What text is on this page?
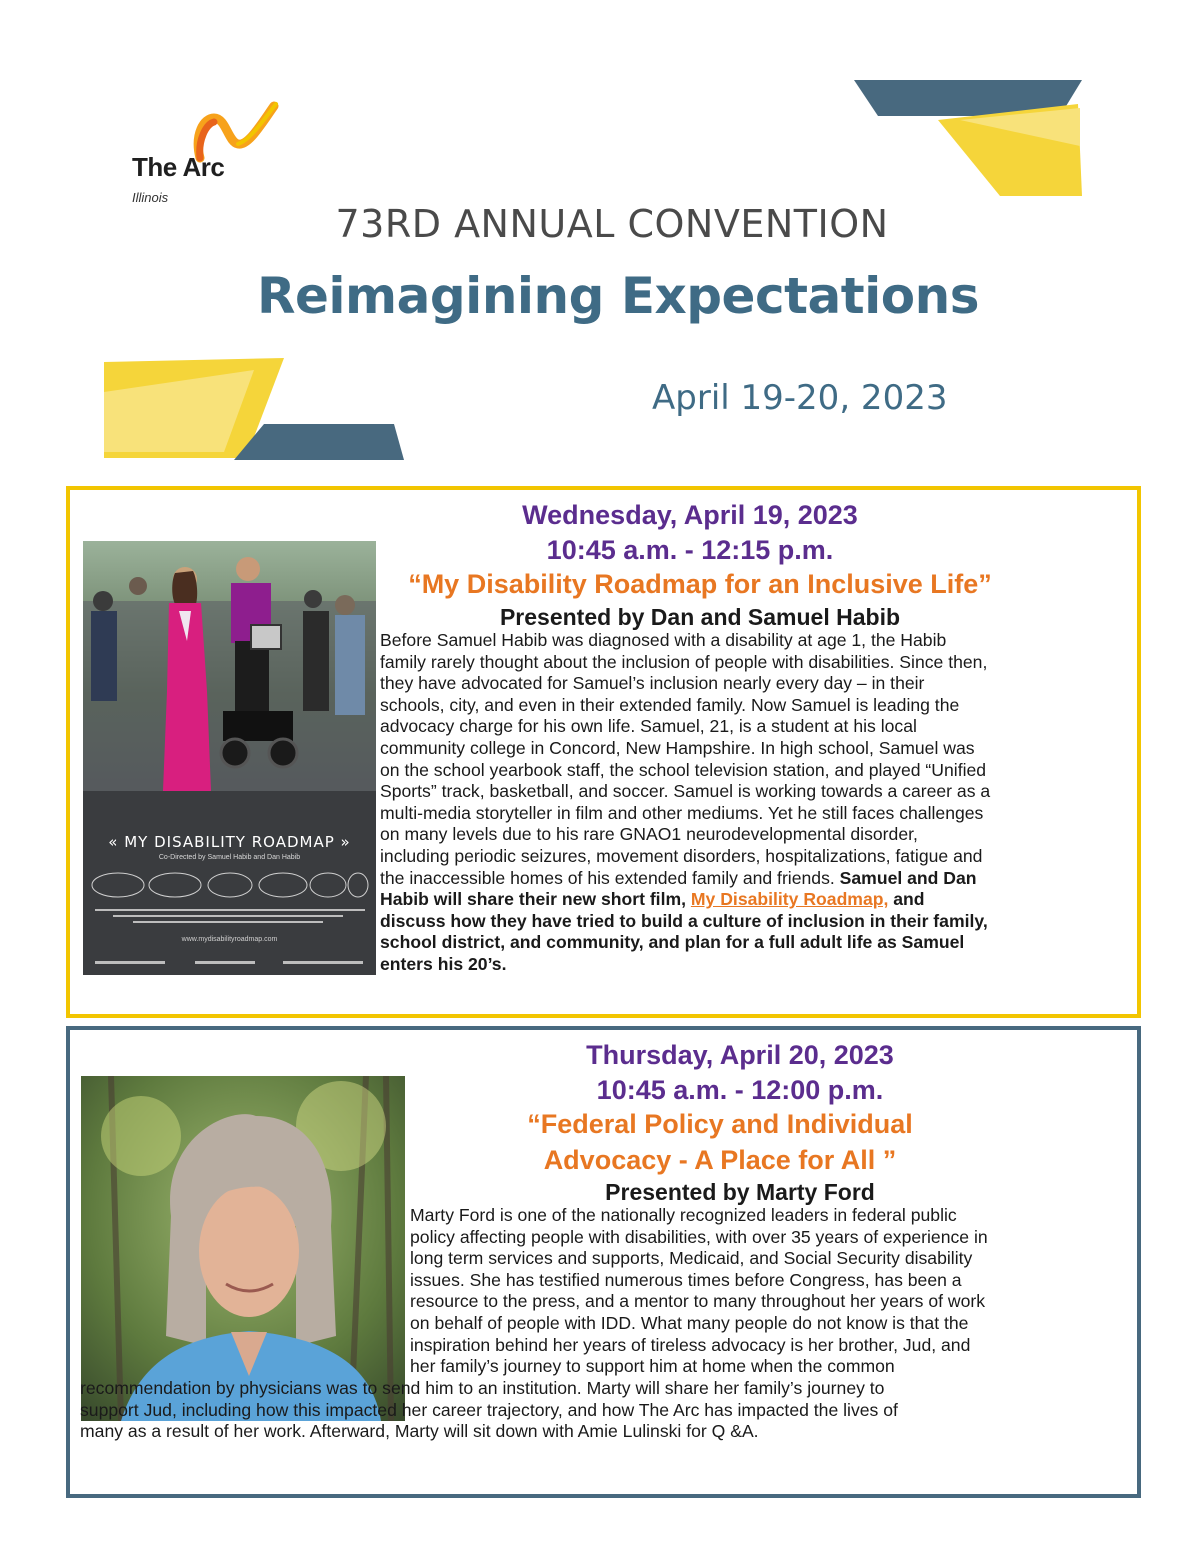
The Arc
Illinois
73RD ANNUAL CONVENTION
Reimagining Expectations
April 19-20, 2023
Wednesday, April 19, 2023
10:45 a.m. - 12:15 p.m.
“My Disability Roadmap for an Inclusive Life”
Presented by Dan and Samuel Habib
« MY DISABILITY ROADMAP »
Co-Directed by Samuel Habib and Dan Habib
www.mydisabilityroadmap.com
Before Samuel Habib was diagnosed with a disability at age 1, the Habib
family rarely thought about the inclusion of people with disabilities. Since then,
they have advocated for Samuel’s inclusion nearly every day – in their
schools, city, and even in their extended family. Now Samuel is leading the
advocacy charge for his own life. Samuel, 21, is a student at his local
community college in Concord, New Hampshire. In high school, Samuel was
on the school yearbook staff, the school television station, and played “Unified
Sports” track, basketball, and soccer. Samuel is working towards a career as a
multi-media storyteller in film and other mediums. Yet he still faces challenges
on many levels due to his rare GNAO1 neurodevelopmental disorder,
including periodic seizures, movement disorders, hospitalizations, fatigue and
the inaccessible homes of his extended family and friends. Samuel and Dan
Habib will share their new short film, My Disability Roadmap, and
discuss how they have tried to build a culture of inclusion in their family,
school district, and community, and plan for a full adult life as Samuel
enters his 20’s.
Thursday, April 20, 2023
10:45 a.m. - 12:00 p.m.
“Federal Policy and Individual
Advocacy - A Place for All ”
Presented by Marty Ford
Marty Ford is one of the nationally recognized leaders in federal public
policy affecting people with disabilities, with over 35 years of experience in
long term services and supports, Medicaid, and Social Security disability
issues. She has testified numerous times before Congress, has been a
resource to the press, and a mentor to many throughout her years of work
on behalf of people with IDD. What many people do not know is that the
inspiration behind her years of tireless advocacy is her brother, Jud, and
her family’s journey to support him at home when the common
recommendation by physicians was to send him to an institution. Marty will share her family’s journey to
support Jud, including how this impacted her career trajectory, and how The Arc has impacted the lives of
many as a result of her work. Afterward, Marty will sit down with Amie Lulinski for Q &A.
